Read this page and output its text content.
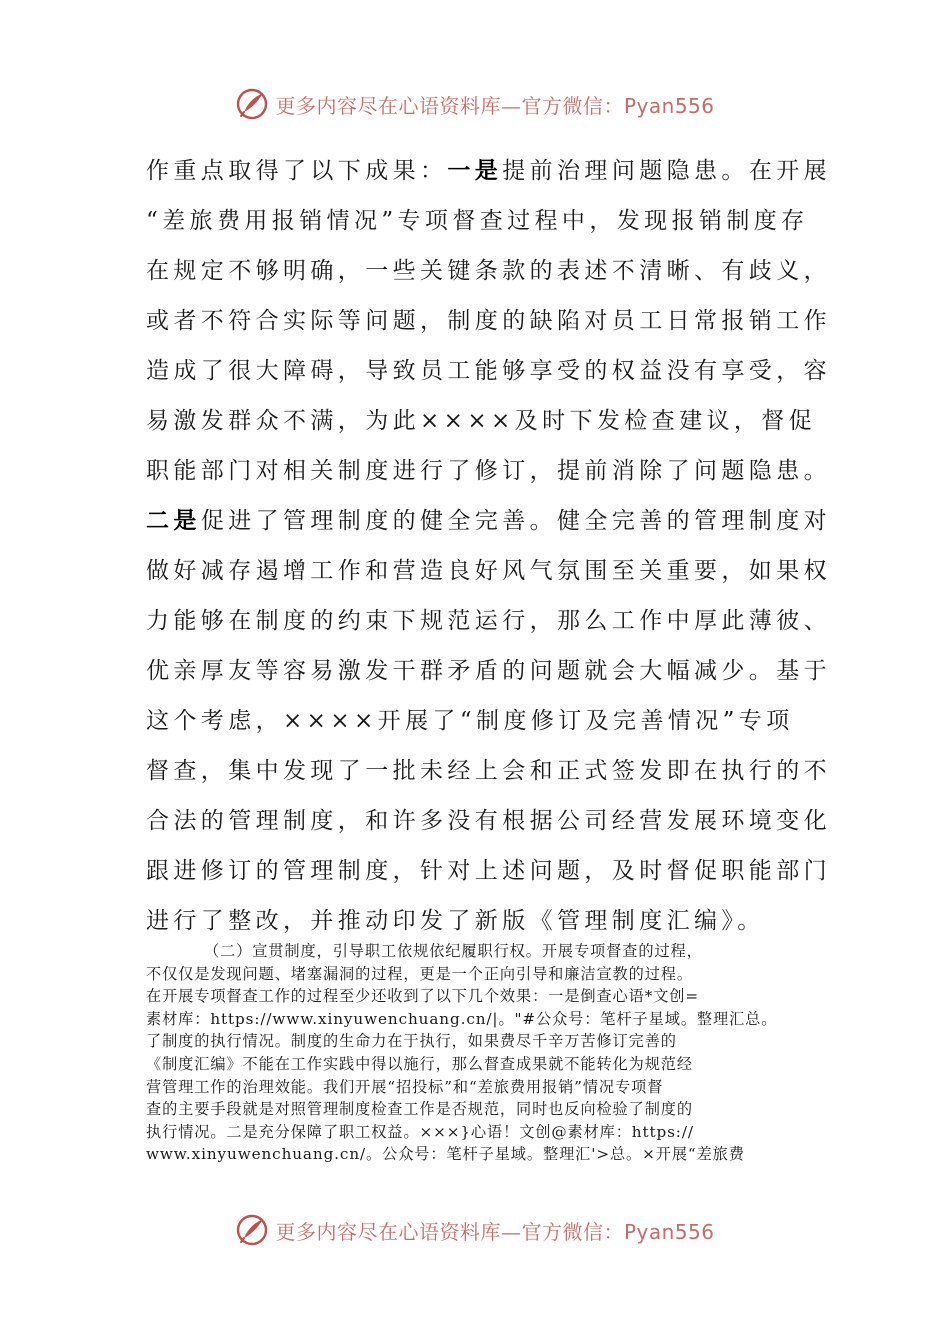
更多内容尽在心语资料库—官方微信：Pyan556
作重点取得了以下成果：一是提前治理问题隐患。在开展
“差旅费用报销情况”专项督查过程中，发现报销制度存
在规定不够明确，一些关键条款的表述不清晰、有歧义，
或者不符合实际等问题，制度的缺陷对员工日常报销工作
造成了很大障碍，导致员工能够享受的权益没有享受，容
易激发群众不满，为此××××及时下发检查建议，督促
职能部门对相关制度进行了修订，提前消除了问题隐患。
二是促进了管理制度的健全完善。健全完善的管理制度对
做好减存遏增工作和营造良好风气氛围至关重要，如果权
力能够在制度的约束下规范运行，那么工作中厚此薄彼、
优亲厚友等容易激发干群矛盾的问题就会大幅减少。基于
这个考虑，××××开展了“制度修订及完善情况”专项
督查，集中发现了一批未经上会和正式签发即在执行的不
合法的管理制度，和许多没有根据公司经营发展环境变化
跟进修订的管理制度，针对上述问题，及时督促职能部门
进行了整改，并推动印发了新版《管理制度汇编》。
（二）宣贯制度，引导职工依规依纪履职行权。开展专项督查的过程，
不仅仅是发现问题、堵塞漏洞的过程，更是一个正向引导和廉洁宣教的过程。
在开展专项督查工作的过程至少还收到了以下几个效果：一是倒查心语*文创=
素材库：https://www.xinyuwenchuang.cn/|。"#公众号：笔杆子星域。整理汇总。
了制度的执行情况。制度的生命力在于执行，如果费尽千辛万苦修订完善的
《制度汇编》不能在工作实践中得以施行，那么督查成果就不能转化为规范经
营管理工作的治理效能。我们开展“招投标”和“差旅费用报销”情况专项督
查的主要手段就是对照管理制度检查工作是否规范，同时也反向检验了制度的
执行情况。二是充分保障了职工权益。×××}心语！文创@素材库：https://
www.xinyuwenchuang.cn/。公众号：笔杆子星域。整理汇'>总。×开展“差旅费
更多内容尽在心语资料库—官方微信：Pyan556
